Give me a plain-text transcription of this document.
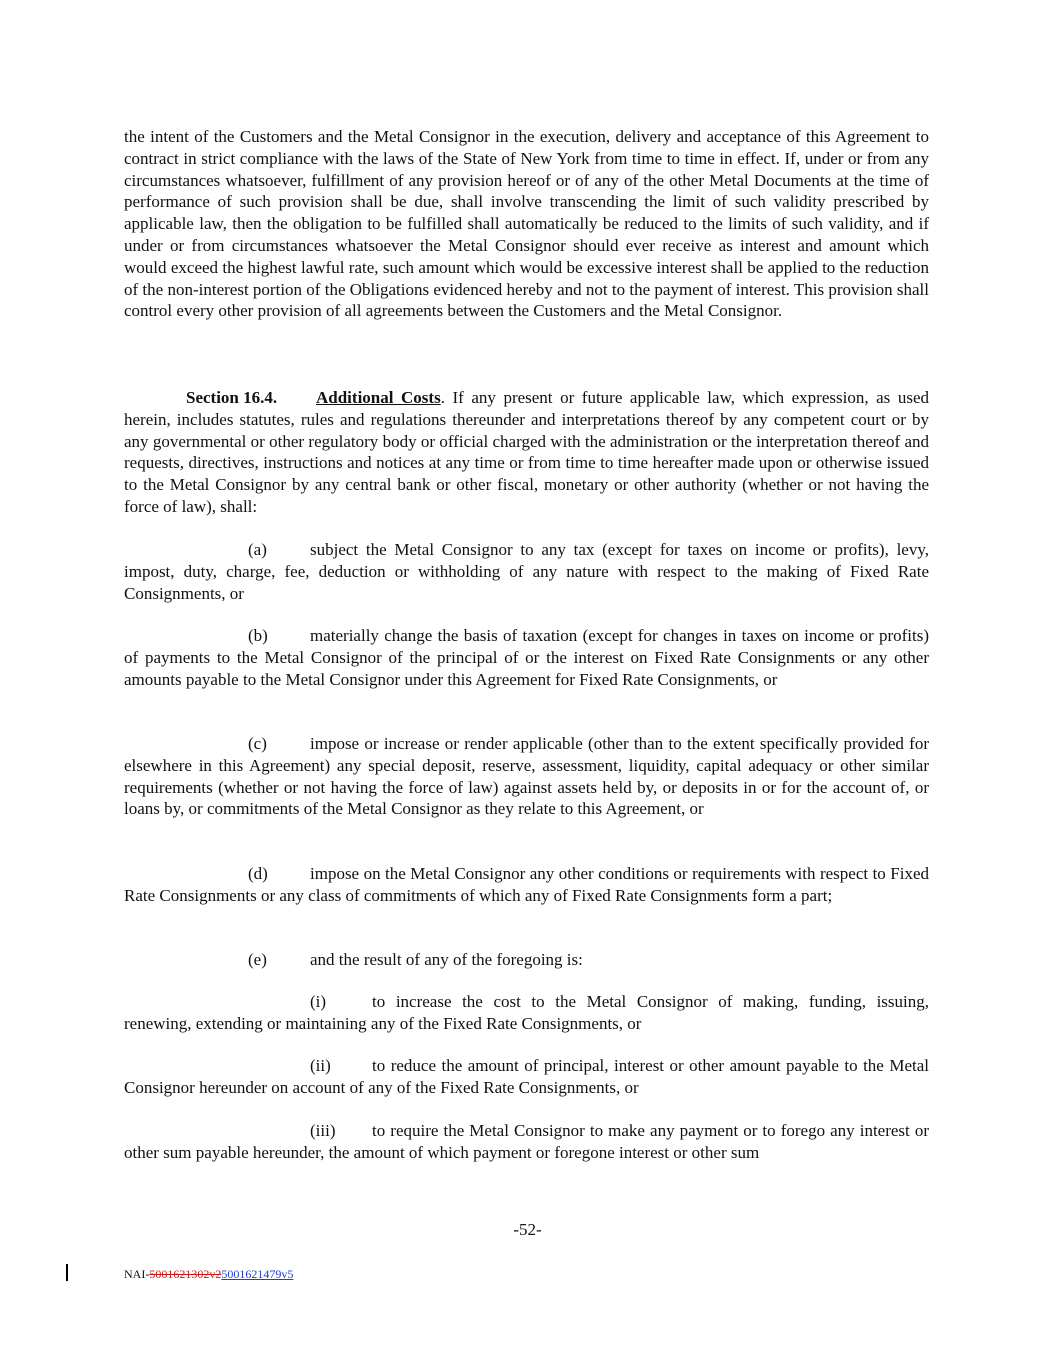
the intent of the Customers and the Metal Consignor in the execution, delivery and acceptance of this Agreement to contract in strict compliance with the laws of the State of New York from time to time in effect. If, under or from any circumstances whatsoever, fulfillment of any provision hereof or of any of the other Metal Documents at the time of performance of such provision shall be due, shall involve transcending the limit of such validity prescribed by applicable law, then the obligation to be fulfilled shall automatically be reduced to the limits of such validity, and if under or from circumstances whatsoever the Metal Consignor should ever receive as interest and amount which would exceed the highest lawful rate, such amount which would be excessive interest shall be applied to the reduction of the non-interest portion of the Obligations evidenced hereby and not to the payment of interest. This provision shall control every other provision of all agreements between the Customers and the Metal Consignor.

Section 16.4. Additional Costs. If any present or future applicable law, which expression, as used herein, includes statutes, rules and regulations thereunder and interpretations thereof by any competent court or by any governmental or other regulatory body or official charged with the administration or the interpretation thereof and requests, directives, instructions and notices at any time or from time to time hereafter made upon or otherwise issued to the Metal Consignor by any central bank or other fiscal, monetary or other authority (whether or not having the force of law), shall:

(a)	subject the Metal Consignor to any tax (except for taxes on income or profits), levy, impost, duty, charge, fee, deduction or withholding of any nature with respect to the making of Fixed Rate Consignments, or

(b) materially change the basis of taxation (except for changes in taxes on income or profits) of payments to the Metal Consignor of the principal of or the interest on Fixed Rate Consignments or any other amounts payable to the Metal Consignor under this Agreement for Fixed Rate Consignments, or

(c)	impose or increase or render applicable (other than to the extent specifically provided for elsewhere in this Agreement) any special deposit, reserve, assessment, liquidity, capital adequacy or other similar requirements (whether or not having the force of law) against assets held by, or deposits in or for the account of, or loans by, or commitments of the Metal Consignor as they relate to this Agreement, or

(d) impose on the Metal Consignor any other conditions or requirements with respect to Fixed Rate Consignments or any class of commitments of which any of Fixed Rate Consignments form a part;

(e)	and the result of any of the foregoing is:

(i)	to increase the cost to the Metal Consignor of making, funding, issuing, renewing, extending or maintaining any of the Fixed Rate Consignments, or

(ii) to reduce the amount of principal, interest or other amount payable to the Metal Consignor hereunder on account of any of the Fixed Rate Consignments, or

(iii) to require the Metal Consignor to make any payment or to forego any interest or other sum payable hereunder, the amount of which payment or foregone interest or other sum

-52-
NAI-5001621302v25001621479v5
